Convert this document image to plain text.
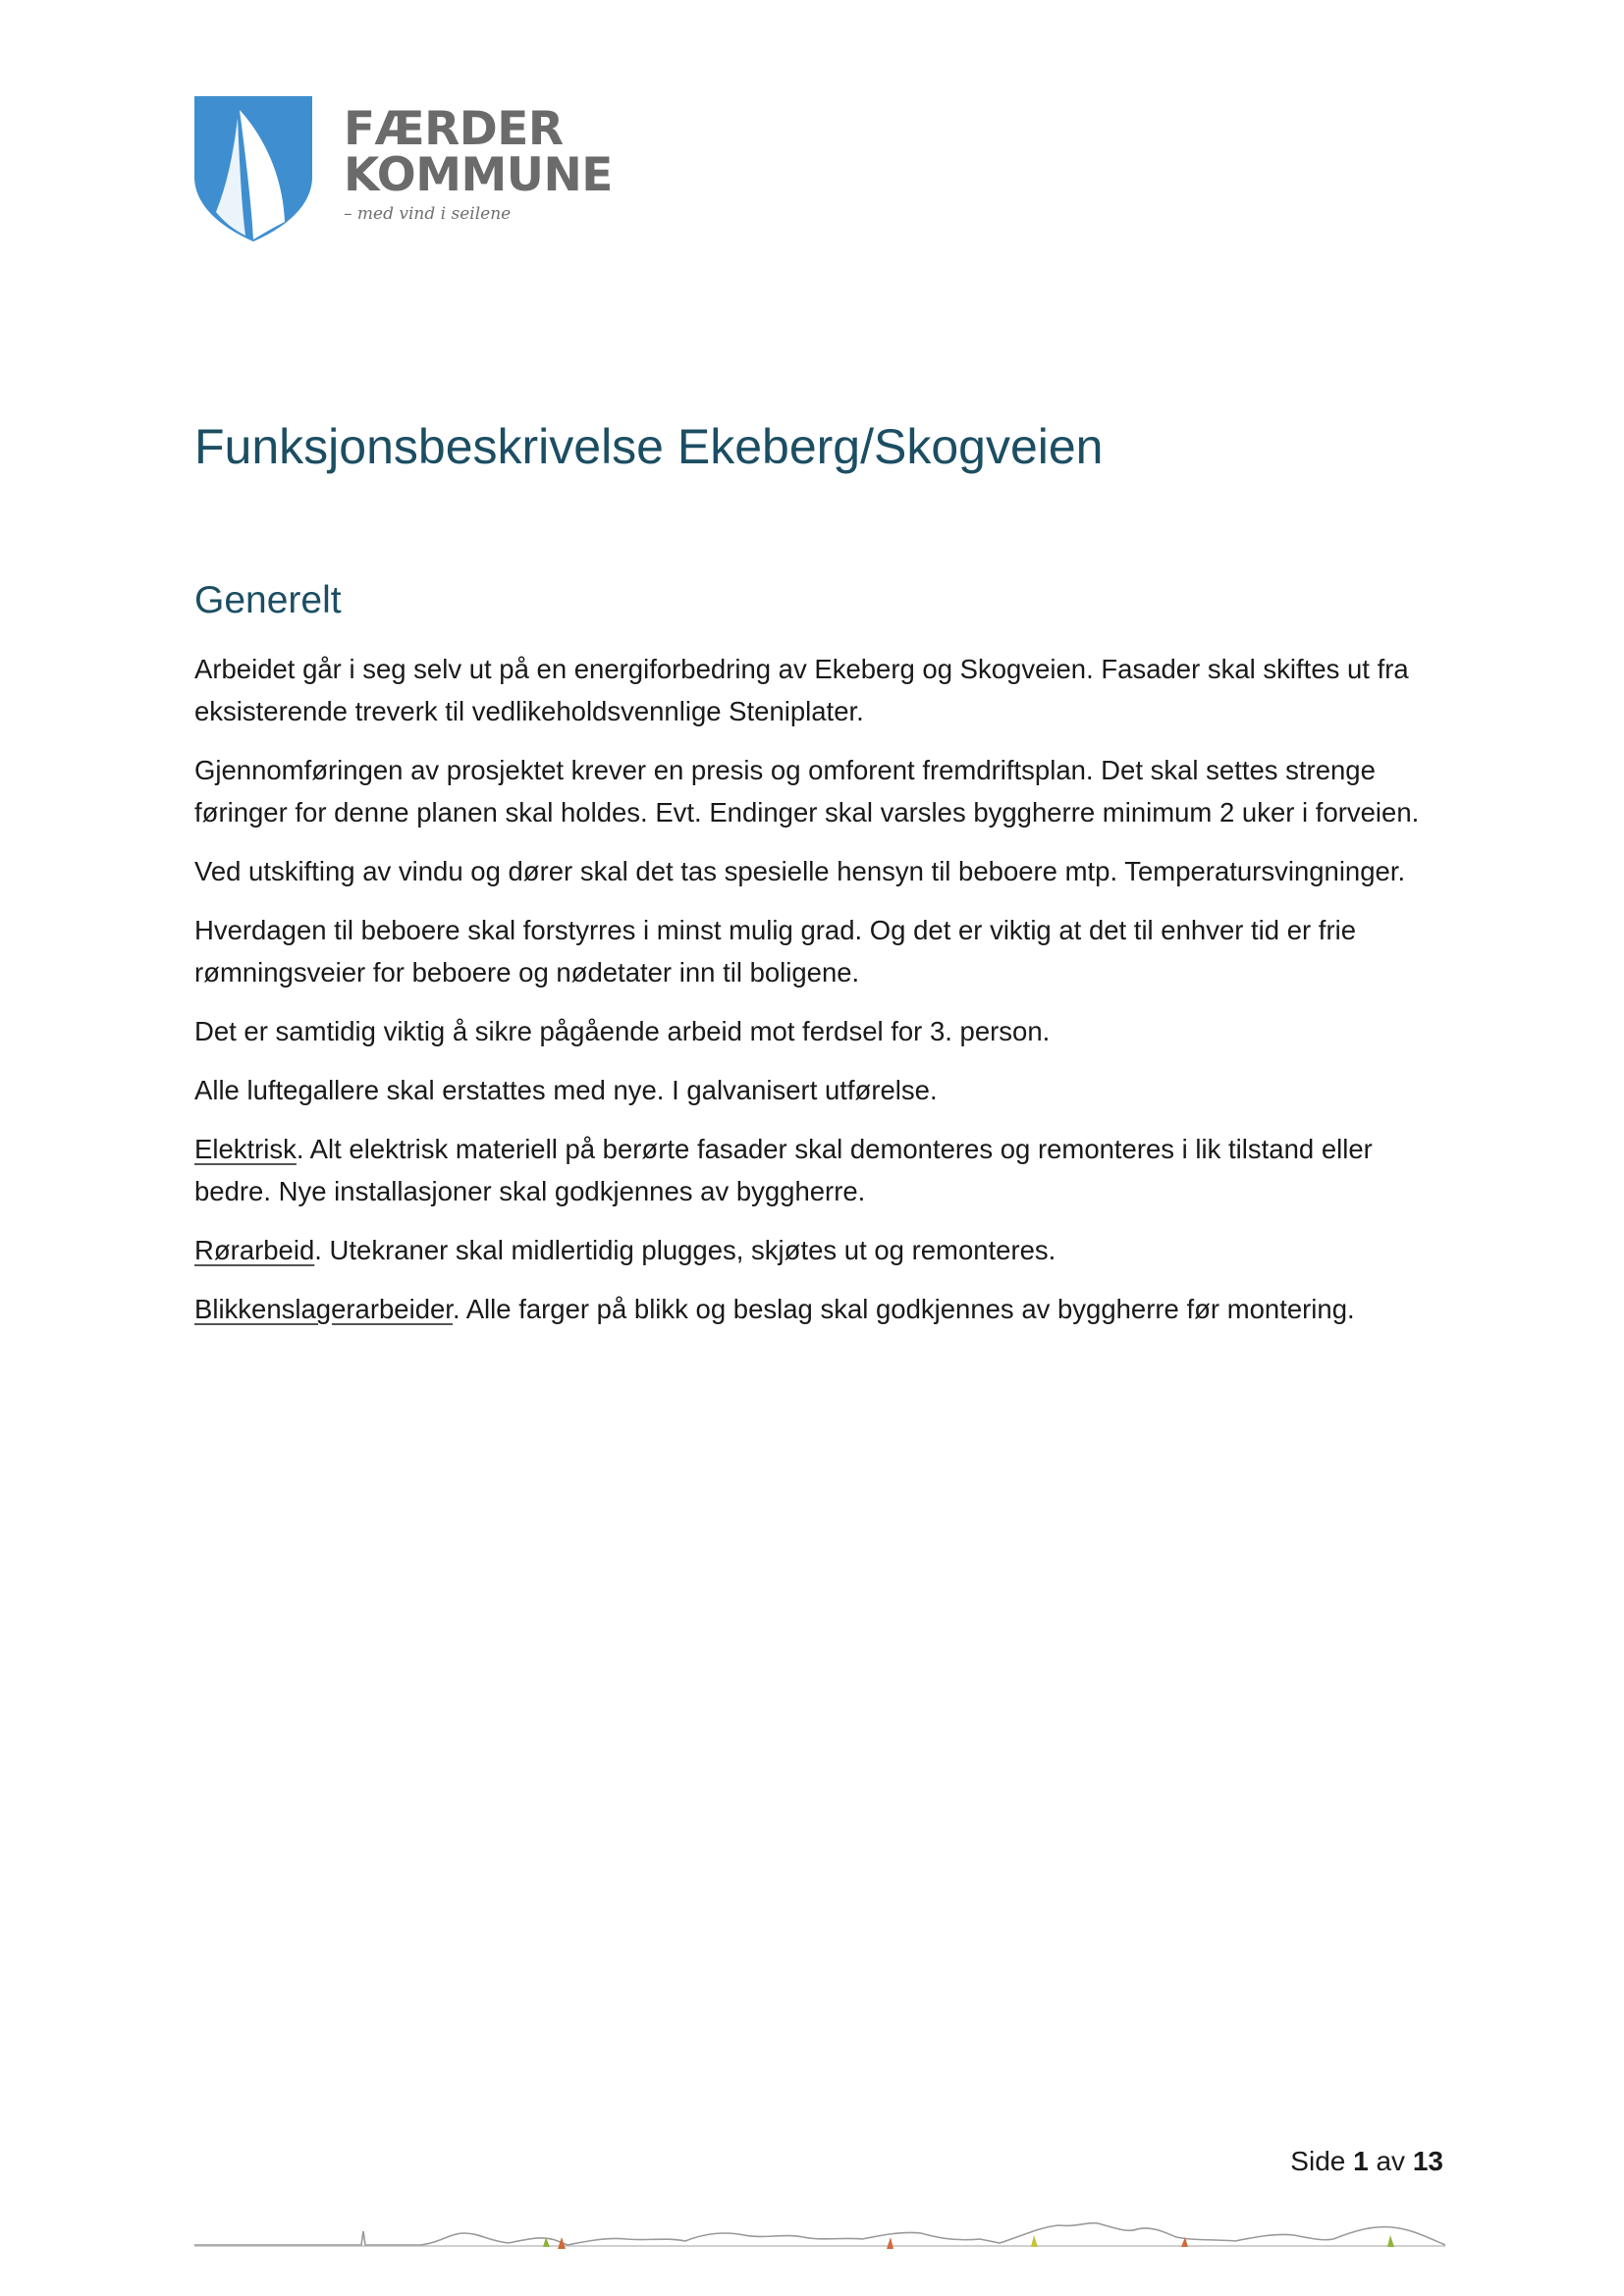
FÆRDER
KOMMUNE
– med vind i seilene
Funksjonsbeskrivelse Ekeberg/Skogveien
Generelt

Arbeidet går i seg selv ut på en energiforbedring av Ekeberg og Skogveien. Fasader skal skiftes ut fra eksisterende treverk til vedlikeholdsvennlige Steniplater.

Gjennomføringen av prosjektet krever en presis og omforent fremdriftsplan. Det skal settes strenge føringer for denne planen skal holdes. Evt. Endinger skal varsles byggherre minimum 2 uker i forveien.

Ved utskifting av vindu og dører skal det tas spesielle hensyn til beboere mtp. Temperatursvingninger.

Hverdagen til beboere skal forstyrres i minst mulig grad. Og det er viktig at det til enhver tid er frie rømningsveier for beboere og nødetater inn til boligene.

Det er samtidig viktig å sikre pågående arbeid mot ferdsel for 3. person.

Alle luftegallere skal erstattes med nye. I galvanisert utførelse.

Elektrisk. Alt elektrisk materiell på berørte fasader skal demonteres og remonteres i lik tilstand eller bedre. Nye installasjoner skal godkjennes av byggherre.

Rørarbeid. Utekraner skal midlertidig plugges, skjøtes ut og remonteres.

Blikkenslagerarbeider. Alle farger på blikk og beslag skal godkjennes av byggherre før montering.

Side 1 av 13
